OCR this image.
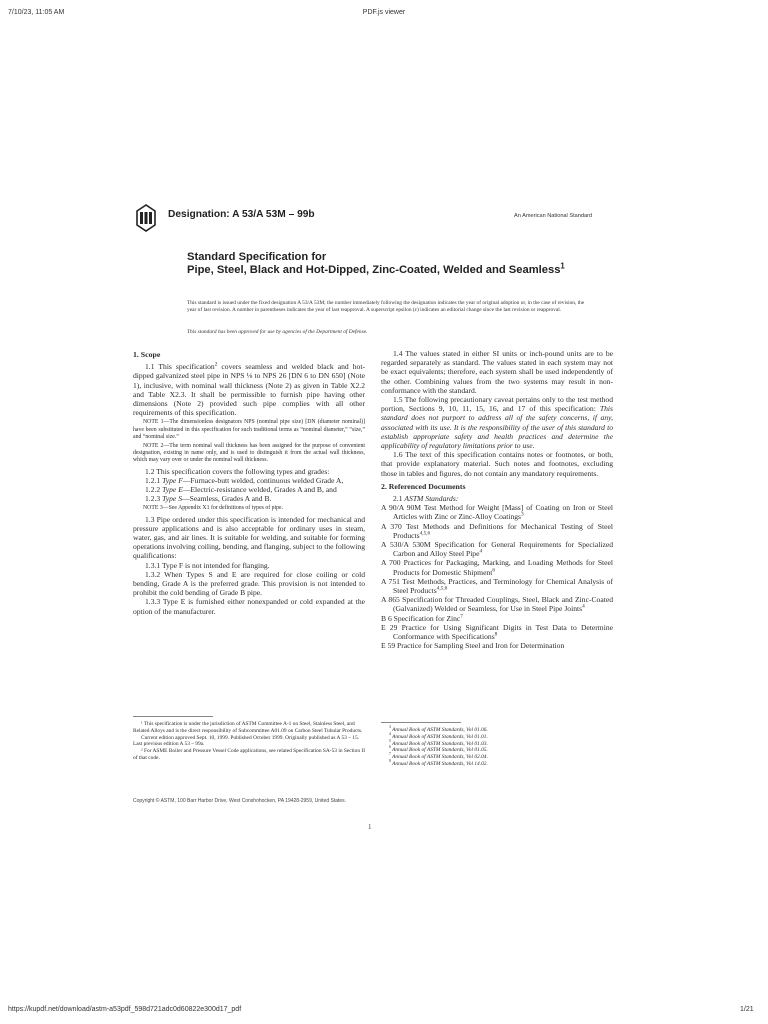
7/10/23, 11:05 AM	PDF.js viewer
Designation: A 53/A 53M – 99b	An American National Standard
Standard Specification for
Pipe, Steel, Black and Hot-Dipped, Zinc-Coated, Welded and Seamless$^1$
This standard is issued under the fixed designation A 53/A 53M; the number immediately following the designation indicates the year of original adoption or, in the case of revision, the year of last revision. A number in parentheses indicates the year of last reapproval. A superscript epsilon (ε) indicates an editorial change since the last revision or reapproval.
This standard has been approved for use by agencies of the Department of Defense.

1. Scope

1.1 This specification$^2$ covers seamless and welded black and hot-dipped galvanized steel pipe in NPS ⅛ to NPS 26 [DN 6 to DN 650] (Note 1), inclusive, with nominal wall thickness (Note 2) as given in Table X2.2 and Table X2.3. It shall be permissible to furnish pipe having other dimensions (Note 2) provided such pipe complies with all other requirements of this specification.

NOTE 1—The dimensionless designators NPS (nominal pipe size) [DN (diameter nominal)] have been substituted in this specification for such traditional terms as “nominal diameter,” “size,” and “nominal size.”

NOTE 2—The term nominal wall thickness has been assigned for the purpose of convenient designation, existing in name only, and is used to distinguish it from the actual wall thickness, which may vary over or under the nominal wall thickness.

1.2 This specification covers the following types and grades:

1.2.1 Type F—Furnace-butt welded, continuous welded Grade A,

1.2.2 Type E—Electric-resistance welded, Grades A and B, and

1.2.3 Type S—Seamless, Grades A and B.

NOTE 3—See Appendix X1 for definitions of types of pipe.

1.3 Pipe ordered under this specification is intended for mechanical and pressure applications and is also acceptable for ordinary uses in steam, water, gas, and air lines. It is suitable for welding, and suitable for forming operations involving coiling, bending, and flanging, subject to the following qualifications:

1.3.1 Type F is not intended for flanging.

1.3.2 When Types S and E are required for close coiling or cold bending, Grade A is the preferred grade. This provision is not intended to prohibit the cold bending of Grade B pipe.

1.3.3 Type E is furnished either nonexpanded or cold expanded at the option of the manufacturer.

1.4 The values stated in either SI units or inch-pound units are to be regarded separately as standard. The values stated in each system may not be exact equivalents; therefore, each system shall be used independently of the other. Combining values from the two systems may result in non-conformance with the standard.

1.5 The following precautionary caveat pertains only to the test method portion, Sections 9, 10, 11, 15, 16, and 17 of this specification: This standard does not purport to address all of the safety concerns, if any, associated with its use. It is the responsibility of the user of this standard to establish appropriate safety and health practices and determine the applicability of regulatory limitations prior to use.

1.6 The text of this specification contains notes or footnotes, or both, that provide explanatory material. Such notes and footnotes, excluding those in tables and figures, do not contain any mandatory requirements.

2. Referenced Documents

2.1 ASTM Standards:

A 90/A 90M Test Method for Weight [Mass] of Coating on Iron or Steel Articles with Zinc or Zinc-Alloy Coatings$^3$

A 370 Test Methods and Definitions for Mechanical Testing of Steel Products$^{4,5,6}$

A 530/A 530M Specification for General Requirements for Specialized Carbon and Alloy Steel Pipe$^4$

A 700 Practices for Packaging, Marking, and Loading Methods for Steel Products for Domestic Shipment$^6$

A 751 Test Methods, Practices, and Terminology for Chemical Analysis of Steel Products$^{4,5,6}$

A 865 Specification for Threaded Couplings, Steel, Black and Zinc-Coated (Galvanized) Welded or Seamless, for Use in Steel Pipe Joints$^4$

B 6 Specification for Zinc$^7$

E 29 Practice for Using Significant Digits in Test Data to Determine Conformance with Specifications$^8$

E 59 Practice for Sampling Steel and Iron for Determination

¹ This specification is under the jurisdiction of ASTM Committee A-1 on Steel, Stainless Steel, and Related Alloys and is the direct responsibility of Subcommittee A01.09 on Carbon Steel Tubular Products.
Current edition approved Sept. 10, 1999. Published October 1999. Originally published as A 53 – 15. Last previous edition A 53 – 99a.
² For ASME Boiler and Pressure Vessel Code applications, see related Specification SA-53 in Section II of that code.
$^3$ Annual Book of ASTM Standards, Vol 01.06.
$^4$ Annual Book of ASTM Standards, Vol 01.01.
$^5$ Annual Book of ASTM Standards, Vol 01.03.
$^6$ Annual Book of ASTM Standards, Vol 01.05.
$^7$ Annual Book of ASTM Standards, Vol 02.04.
$^8$ Annual Book of ASTM Standards, Vol 14.02.
Copyright © ASTM, 100 Barr Harbor Drive, West Conshohocken, PA 19428-2959, United States.
1
https://kupdf.net/download/astm-a53pdf_598d721adc0d60822e300d17_pdf	1/21
